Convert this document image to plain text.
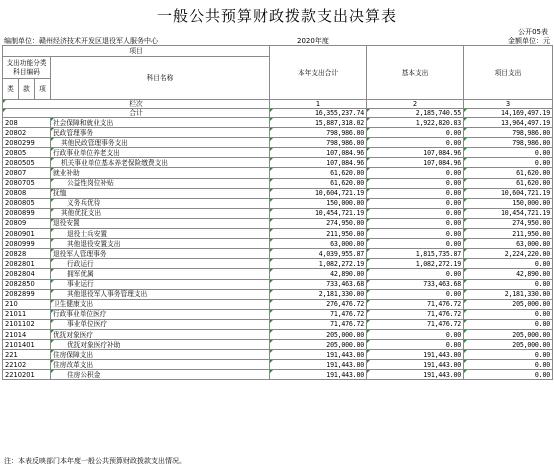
一般公共预算财政拨款支出决算表
公开05表
编制单位：赣州经济技术开发区退役军人服务中心	2020年度	金额单位：元
项目				本年支出合计	基本支出	项目支出
支出功能分类科目编码			科目名称			

类	款	项				
栏次				1	2	3
合计				16,355,237.74	2,185,740.55	14,169,497.19
208			社会保障和就业支出	15,887,318.02	1,922,820.83	13,964,497.19
20802			民政管理事务	798,986.00	0.00	798,986.00
2080299			其他民政管理事务支出	798,986.00	0.00	798,986.00
20805			行政事业单位养老支出	107,084.96	107,084.96	0.00
2080505			机关事业单位基本养老保险缴费支出	107,084.96	107,084.96	0.00
20807			就业补助	61,620.00	0.00	61,620.00
2080705			公益性岗位补贴	61,620.00	0.00	61,620.00
20808			抚恤	10,604,721.19	0.00	10,604,721.19
2080805			义务兵优待	150,000.00	0.00	150,000.00
2080899			其他优抚支出	10,454,721.19	0.00	10,454,721.19
20809			退役安置	274,950.00	0.00	274,950.00
2080901			退役士兵安置	211,950.00	0.00	211,950.00
2080999			其他退役安置支出	63,000.00	0.00	63,000.00
20828			退役军人管理事务	4,039,955.87	1,815,735.87	2,224,220.00
2082801			行政运行	1,082,272.19	1,082,272.19	0.00
2082804			拥军优属	42,890.00	0.00	42,890.00
2082850			事业运行	733,463.68	733,463.68	0.00
2082899			其他退役军人事务管理支出	2,181,330.00	0.00	2,181,330.00
210			卫生健康支出	276,476.72	71,476.72	205,000.00
21011			行政事业单位医疗	71,476.72	71,476.72	0.00
2101102			事业单位医疗	71,476.72	71,476.72	0.00
21014			优抚对象医疗	205,000.00	0.00	205,000.00
2101401			优抚对象医疗补助	205,000.00	0.00	205,000.00
221			住房保障支出	191,443.00	191,443.00	0.00
22102			住房改革支出	191,443.00	191,443.00	0.00
2210201			住房公积金	191,443.00	191,443.00	0.00
注：本表反映部门本年度一般公共预算财政拨款支出情况。
